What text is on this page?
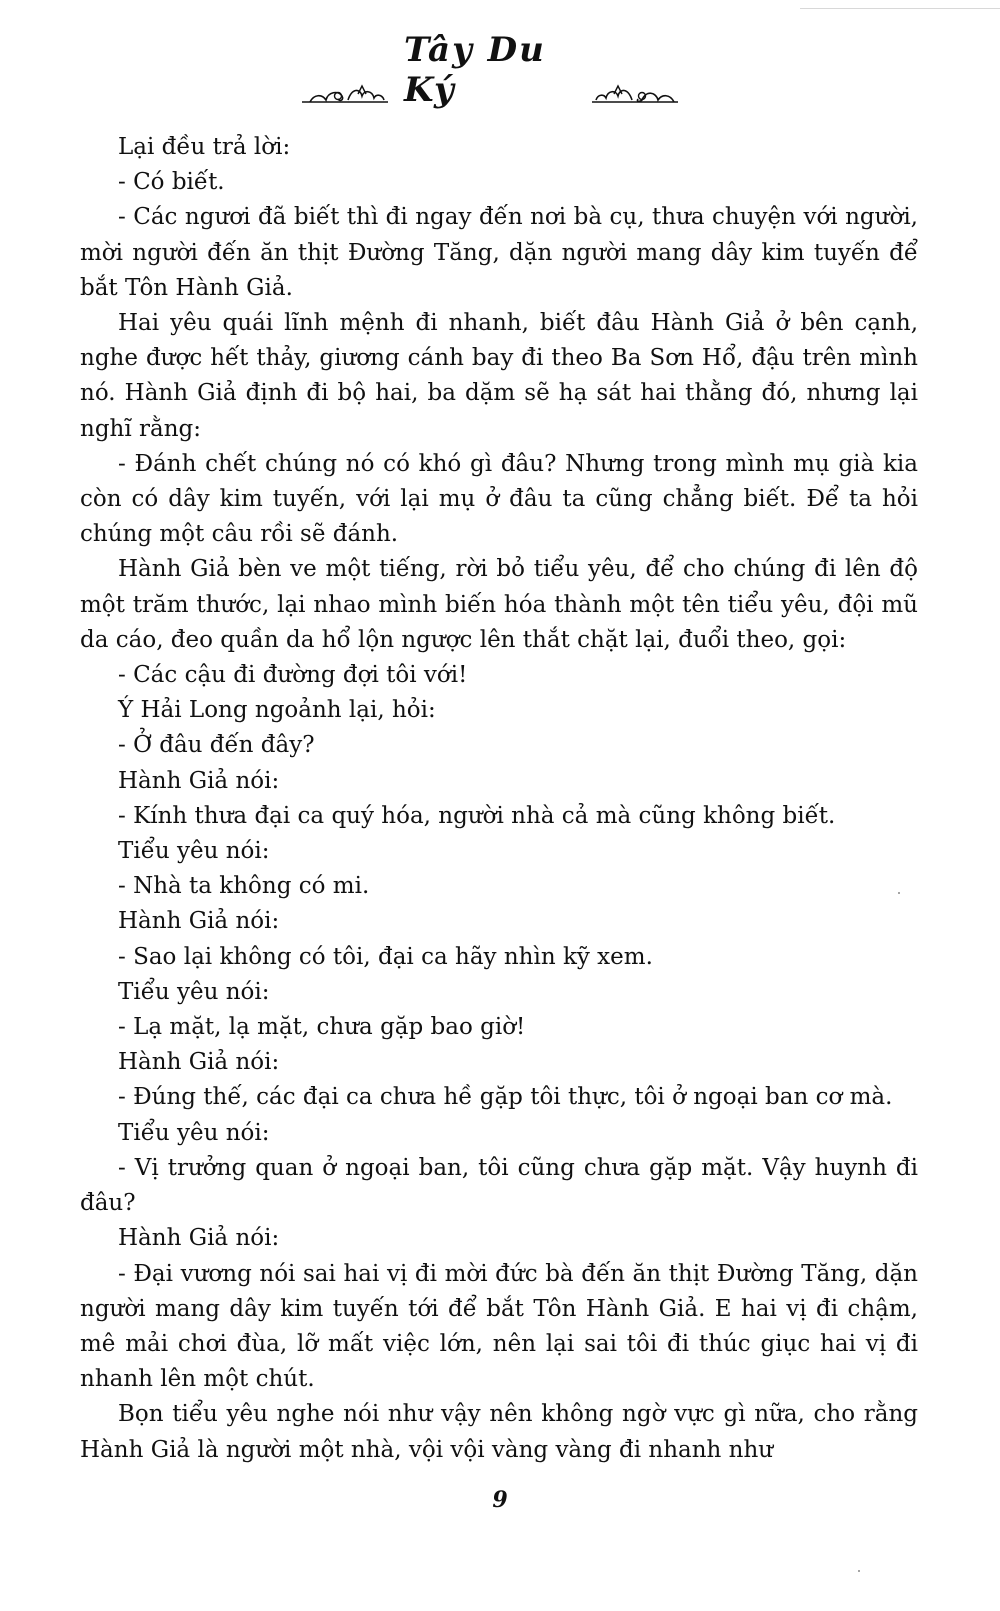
Tây Du Ký

Lại đều trả lời:

- Có biết.

- Các ngươi đã biết thì đi ngay đến nơi bà cụ, thưa chuyện với người, mời người đến ăn thịt Đường Tăng, dặn người mang dây kim tuyến để bắt Tôn Hành Giả.

Hai yêu quái lĩnh mệnh đi nhanh, biết đâu Hành Giả ở bên cạnh, nghe được hết thảy, giương cánh bay đi theo Ba Sơn Hổ, đậu trên mình nó. Hành Giả định đi bộ hai, ba dặm sẽ hạ sát hai thằng đó, nhưng lại nghĩ rằng:

- Đánh chết chúng nó có khó gì đâu? Nhưng trong mình mụ già kia còn có dây kim tuyến, với lại mụ ở đâu ta cũng chẳng biết. Để ta hỏi chúng một câu rồi sẽ đánh.

Hành Giả bèn ve một tiếng, rời bỏ tiểu yêu, để cho chúng đi lên độ một trăm thước, lại nhao mình biến hóa thành một tên tiểu yêu, đội mũ da cáo, đeo quần da hổ lộn ngược lên thắt chặt lại, đuổi theo, gọi:

- Các cậu đi đường đợi tôi với!

Ý Hải Long ngoảnh lại, hỏi:

- Ở đâu đến đây?

Hành Giả nói:

- Kính thưa đại ca quý hóa, người nhà cả mà cũng không biết.

Tiểu yêu nói:

- Nhà ta không có mi.

Hành Giả nói:

- Sao lại không có tôi, đại ca hãy nhìn kỹ xem.

Tiểu yêu nói:

- Lạ mặt, lạ mặt, chưa gặp bao giờ!

Hành Giả nói:

- Đúng thế, các đại ca chưa hề gặp tôi thực, tôi ở ngoại ban cơ mà.

Tiểu yêu nói:

- Vị trưởng quan ở ngoại ban, tôi cũng chưa gặp mặt. Vậy huynh đi đâu?

Hành Giả nói:

- Đại vương nói sai hai vị đi mời đức bà đến ăn thịt Đường Tăng, dặn người mang dây kim tuyến tới để bắt Tôn Hành Giả. E hai vị đi chậm, mê mải chơi đùa, lỡ mất việc lớn, nên lại sai tôi đi thúc giục hai vị đi nhanh lên một chút.

Bọn tiểu yêu nghe nói như vậy nên không ngờ vực gì nữa, cho rằng Hành Giả là người một nhà, vội vội vàng vàng đi nhanh như

9
